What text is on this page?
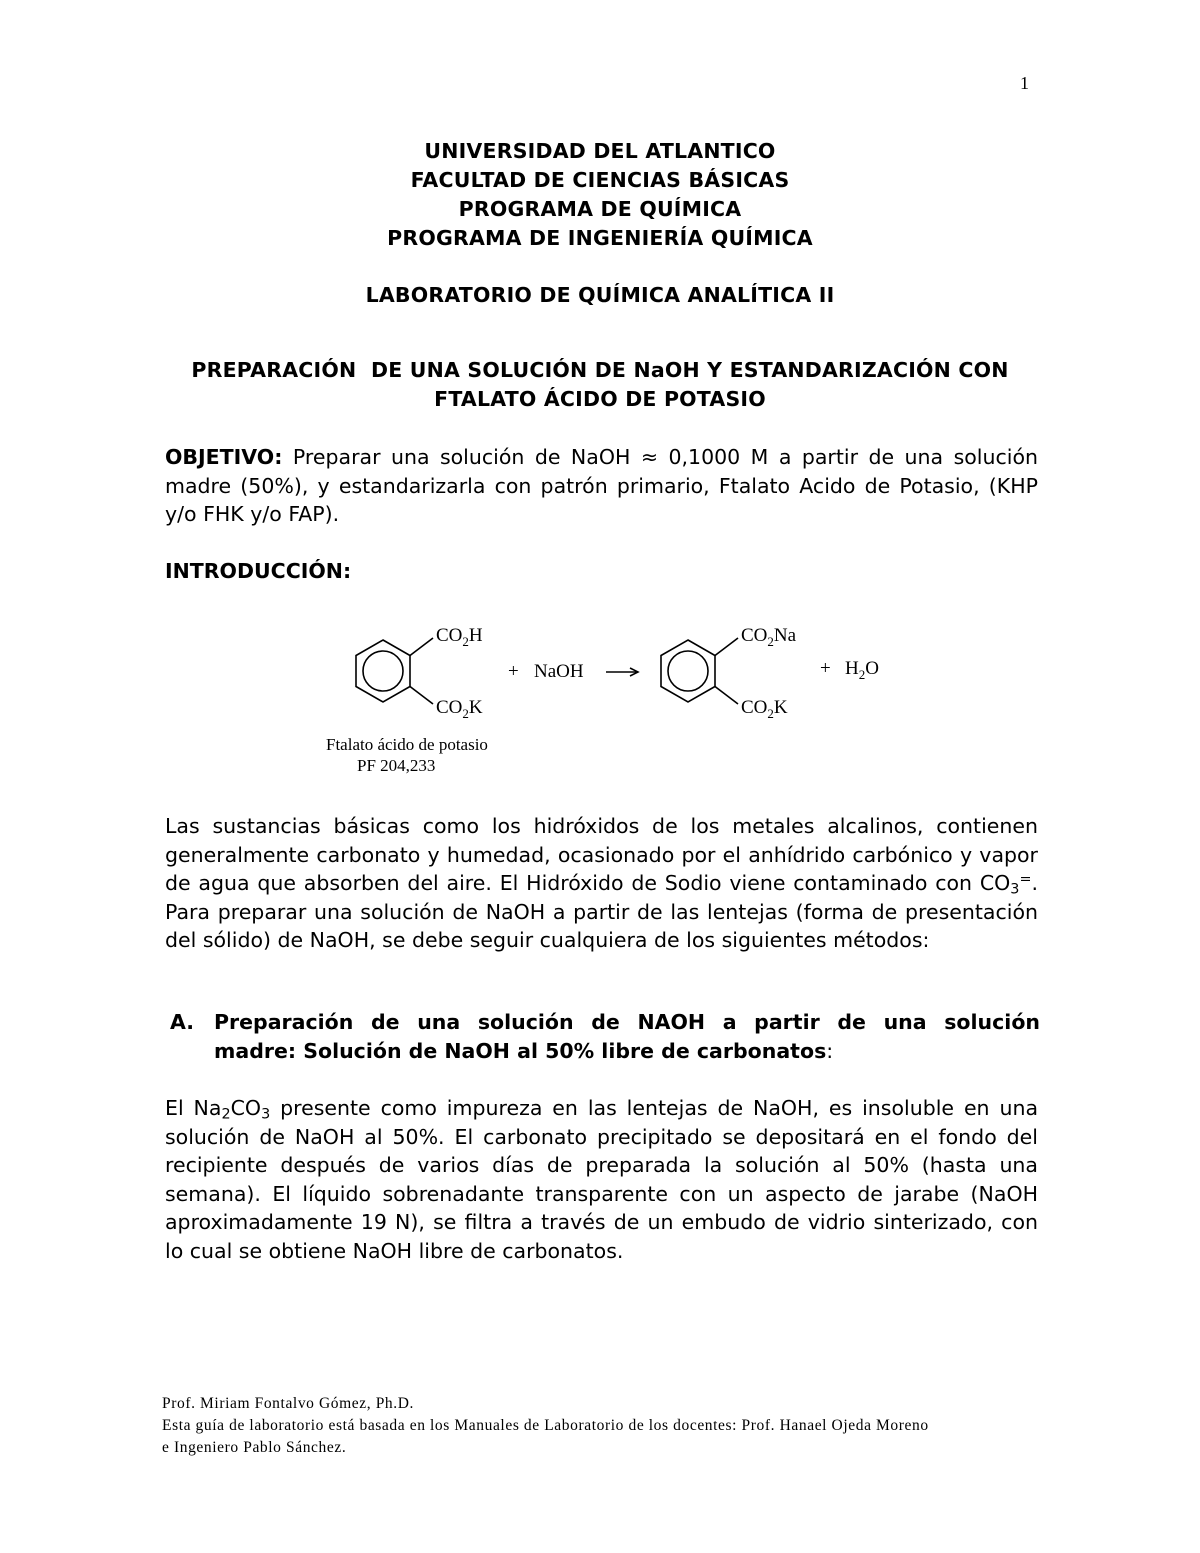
1
UNIVERSIDAD DEL ATLANTICO
FACULTAD DE CIENCIAS BÁSICAS
PROGRAMA DE QUÍMICA
PROGRAMA DE INGENIERÍA QUÍMICA
LABORATORIO DE QUÍMICA ANALÍTICA II
PREPARACIÓN  DE UNA SOLUCIÓN DE NaOH Y ESTANDARIZACIÓN CON
FTALATO ÁCIDO DE POTASIO
OBJETIVO: Preparar una solución de NaOH ≈ 0,1000 M a partir de una solución madre (50%), y estandarizarla con patrón primario, Ftalato Acido de Potasio, (KHP y/o FHK y/o FAP).
INTRODUCCIÓN:
$CO_2H$
$CO_2K$
+ NaOH
$CO_2Na$
$CO_2K$
+ $H_2O$
Ftalato ácido de potasio
PF 204,233
Las sustancias básicas como los hidróxidos de los metales alcalinos, contienen generalmente carbonato y humedad, ocasionado por el anhídrido carbónico y vapor de agua que absorben del aire. El Hidróxido de Sodio viene contaminado con $CO_3^=$. Para preparar una solución de NaOH a partir de las lentejas (forma de presentación del sólido) de NaOH, se debe seguir cualquiera de los siguientes métodos:
A. Preparación de una solución de NAOH a partir de una solución
madre: Solución de NaOH al 50% libre de carbonatos:
El $Na_2CO_3$ presente como impureza en las lentejas de NaOH, es insoluble en una solución de NaOH al 50%. El carbonato precipitado se depositará en el fondo del recipiente después de varios días de preparada la solución al 50% (hasta una semana). El líquido sobrenadante transparente con un aspecto de jarabe (NaOH aproximadamente 19 N), se filtra a través de un embudo de vidrio sinterizado, con lo cual se obtiene NaOH libre de carbonatos.
Prof. Miriam Fontalvo Gómez, Ph.D.
Esta guía de laboratorio está basada en los Manuales de Laboratorio de los docentes: Prof. Hanael Ojeda Moreno
e Ingeniero Pablo Sánchez.
